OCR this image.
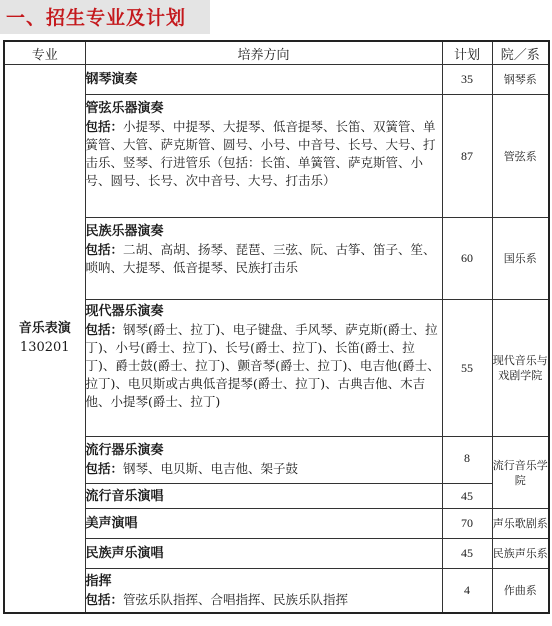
一、招生专业及计划
专业	培养方向	计划	院／系

音乐表演
130201	钢琴演奏	35	钢琴系

	管弦乐器演奏
包括：小提琴、中提琴、大提琴、低音提琴、长笛、双簧管、单簧管、大管、萨克斯管、圆号、小号、中音号、长号、大号、打击乐、竖琴、行进管乐（包括：长笛、单簧管、萨克斯管、小号、圆号、长号、次中音号、大号、打击乐）	87	管弦系

	民族乐器演奏
包括：二胡、高胡、扬琴、琵琶、三弦、阮、古筝、笛子、笙、 唢呐、大提琴、低音提琴、民族打击乐	60	国乐系

	现代器乐演奏
包括：钢琴(爵士、拉丁)、电子键盘、手风琴、萨克斯(爵士、拉丁)、小号(爵士、拉丁)、长号(爵士、拉丁)、长笛(爵士、拉丁)、爵士鼓(爵士、拉丁)、颤音琴(爵士、拉丁)、电吉他(爵士、拉丁)、电贝斯或古典低音提琴(爵士、拉丁)、古典吉他、木吉他、小提琴(爵士、拉丁)	55	现代音乐与戏剧学院

	流行器乐演奏
包括：钢琴、电贝斯、电吉他、架子鼓	8	流行音乐学院
	流行音乐演唱	45	
	美声演唱	70	声乐歌剧系
	民族声乐演唱	45	民族声乐系

	指挥
包括：管弦乐队指挥、合唱指挥、民族乐队指挥	4	作曲系
